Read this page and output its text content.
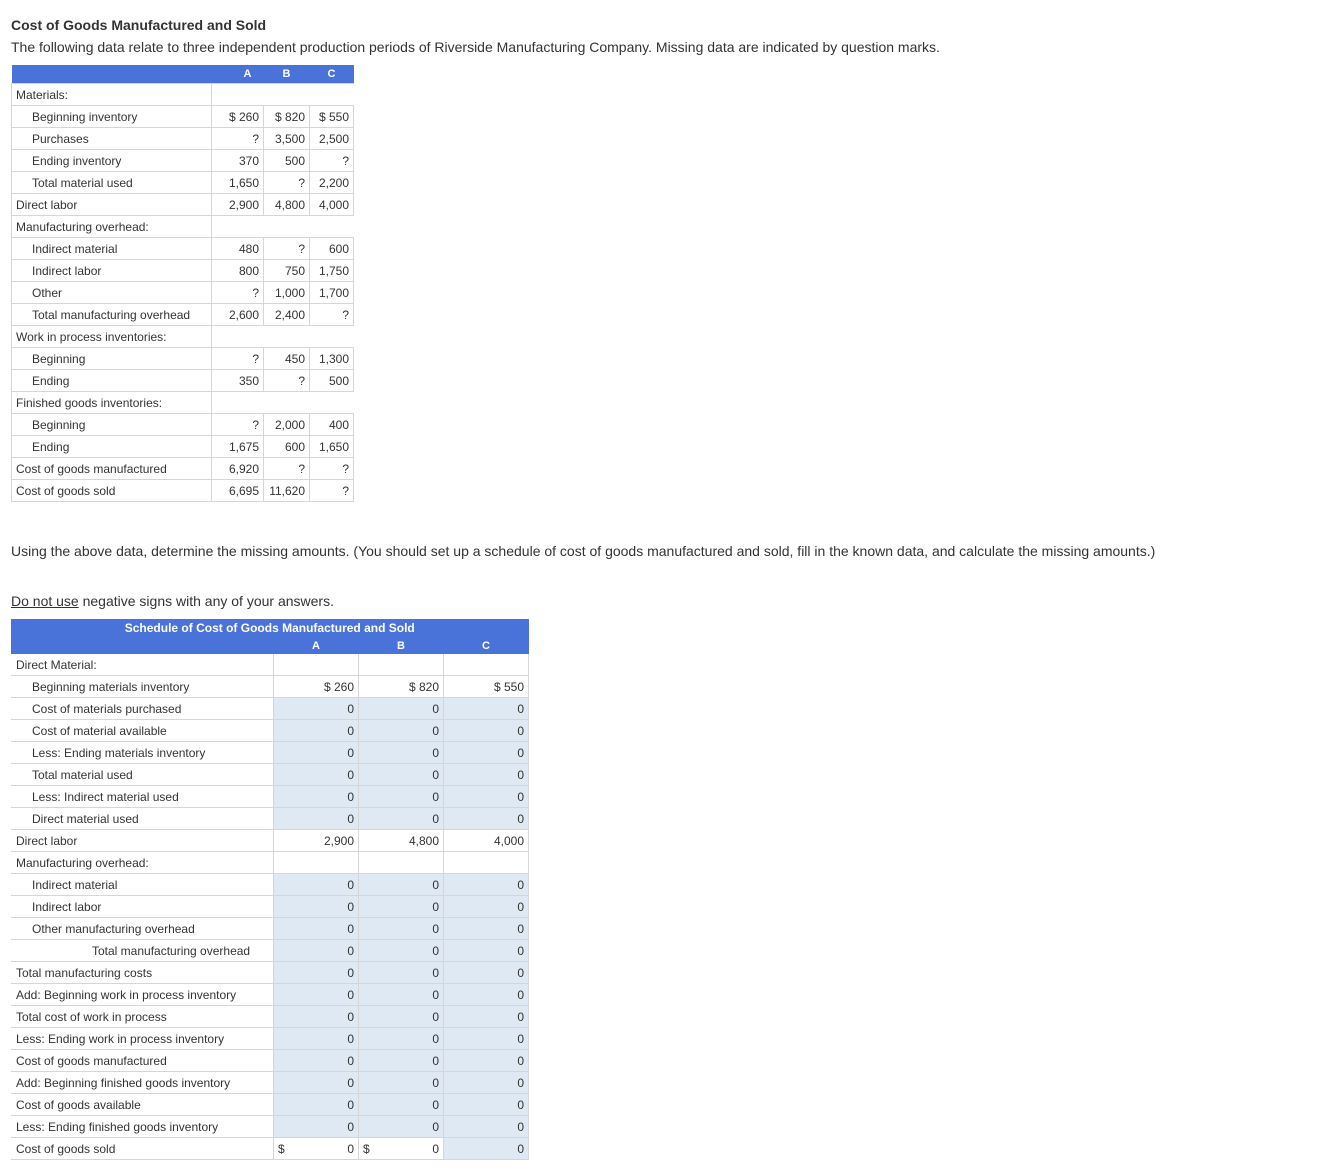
Cost of Goods Manufactured and Sold

The following data relate to three independent production periods of Riverside Manufacturing Company. Missing data are indicated by question marks.

	A	B	C
Materials:			
Beginning inventory	$ 260	$ 820	$ 550
Purchases	?	3,500	2,500
Ending inventory	370	500	?
Total material used	1,650	?	2,200
Direct labor	2,900	4,800	4,000
Manufacturing overhead:			
Indirect material	480	?	600
Indirect labor	800	750	1,750
Other	?	1,000	1,700
Total manufacturing overhead	2,600	2,400	?
Work in process inventories:			
Beginning	?	450	1,300
Ending	350	?	500
Finished goods inventories:			
Beginning	?	2,000	400
Ending	1,675	600	1,650
Cost of goods manufactured	6,920	?	?
Cost of goods sold	6,695	11,620	?
Using the above data, determine the missing amounts. (You should set up a schedule of cost of goods manufactured and sold, fill in the known data, and calculate the missing amounts.)
Do not use negative signs with any of your answers.
Schedule of Cost of Goods Manufactured and Sold			
	A	B	C
Direct Material:			
Beginning materials inventory	$ 260	$ 820	$ 550
Cost of materials purchased	0	0	0
Cost of material available	0	0	0
Less: Ending materials inventory	0	0	0
Total material used	0	0	0
Less: Indirect material used	0	0	0
Direct material used	0	0	0
Direct labor	2,900	4,800	4,000
Manufacturing overhead:			
Indirect material	0	0	0
Indirect labor	0	0	0
Other manufacturing overhead	0	0	0
Total manufacturing overhead	0	0	0
Total manufacturing costs	0	0	0
Add: Beginning work in process inventory	0	0	0
Total cost of work in process	0	0	0
Less: Ending work in process inventory	0	0	0
Cost of goods manufactured	0	0	0
Add: Beginning finished goods inventory	0	0	0
Cost of goods available	0	0	0
Less: Ending finished goods inventory	0	0	0
Cost of goods sold	$ 0	$ 0	0
